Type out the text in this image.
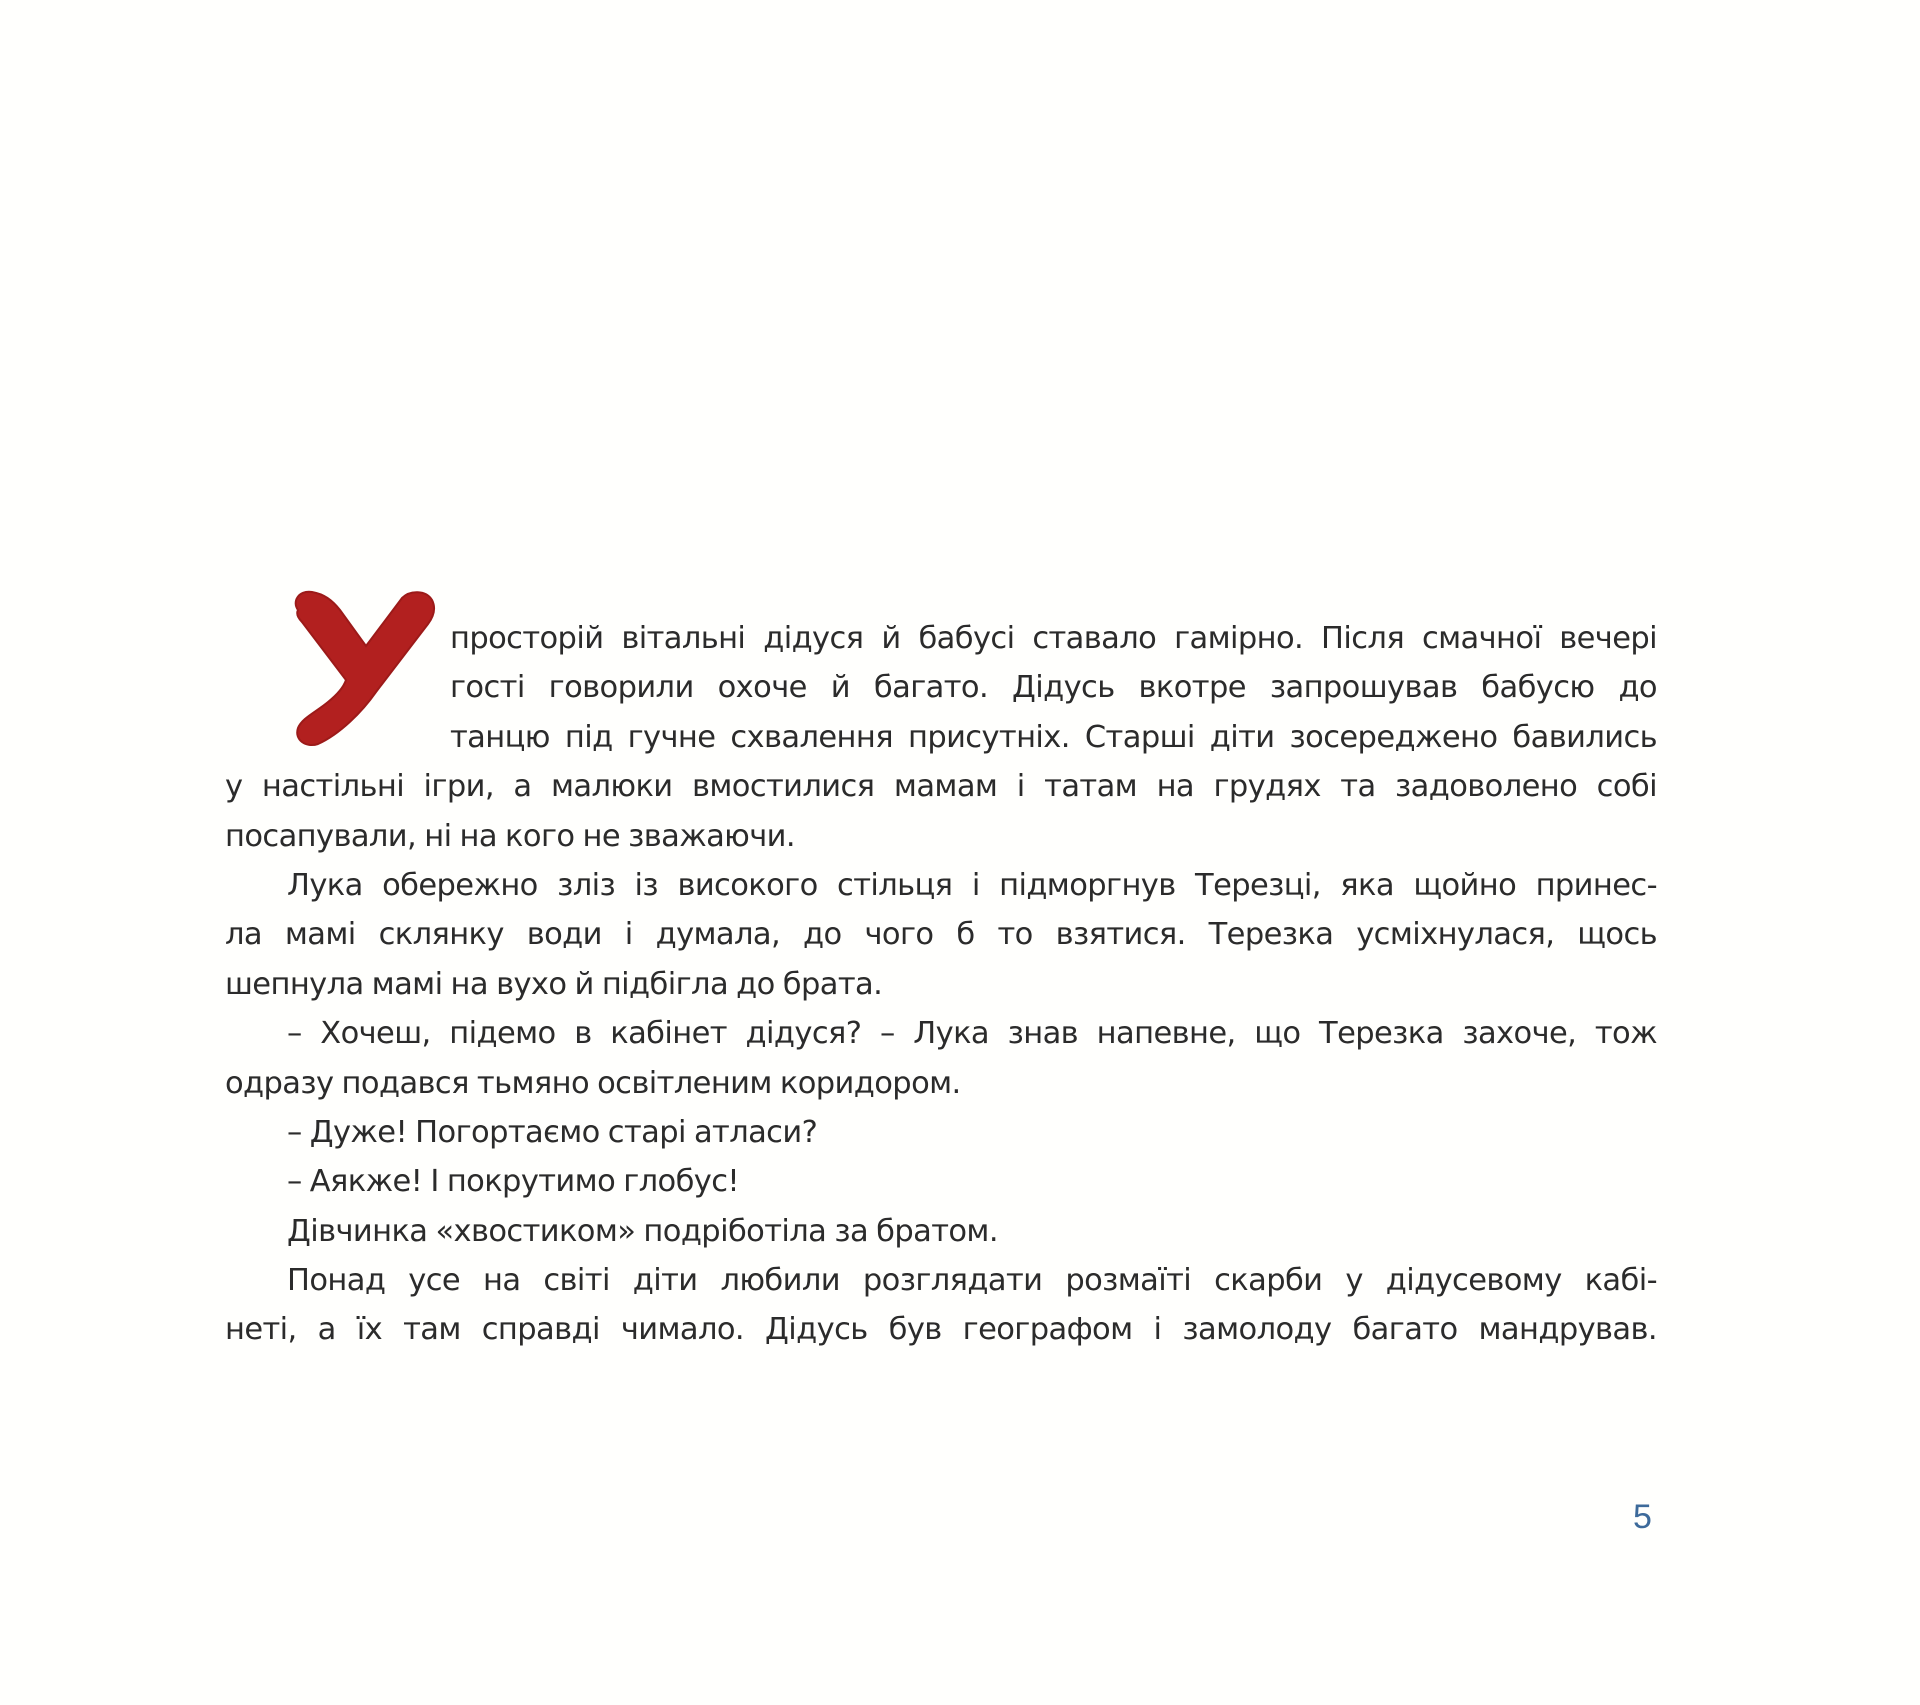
просторій вітальні дідуся й бабусі ставало гамірно. Після смачної вечері
гості говорили охоче й багато. Дідусь вкотре запрошував бабусю до
танцю під гучне схвалення присутніх. Старші діти зосереджено бавились
у настільні ігри, а малюки вмостилися мамам і татам на грудях та задоволено собі
посапували, ні на кого не зважаючи.
Лука обережно зліз із високого стільця і підморгнув Терезці, яка щойно принес-
ла мамі склянку води і думала, до чого б то взятися. Терезка усміхнулася, щось
шепнула мамі на вухо й підбігла до брата.
– Хочеш, підемо в кабінет дідуся? – Лука знав напевне, що Терезка захоче, тож
одразу подався тьмяно освітленим коридором.
– Дуже! Погортаємо старі атласи?
– Аякже! І покрутимо глобус!
Дівчинка «хвостиком» подріботіла за братом.
Понад усе на світі діти любили розглядати розмаїті скарби у дідусевому кабі-
неті, а їх там справді чимало. Дідусь був географом і замолоду багато мандрував.
5
